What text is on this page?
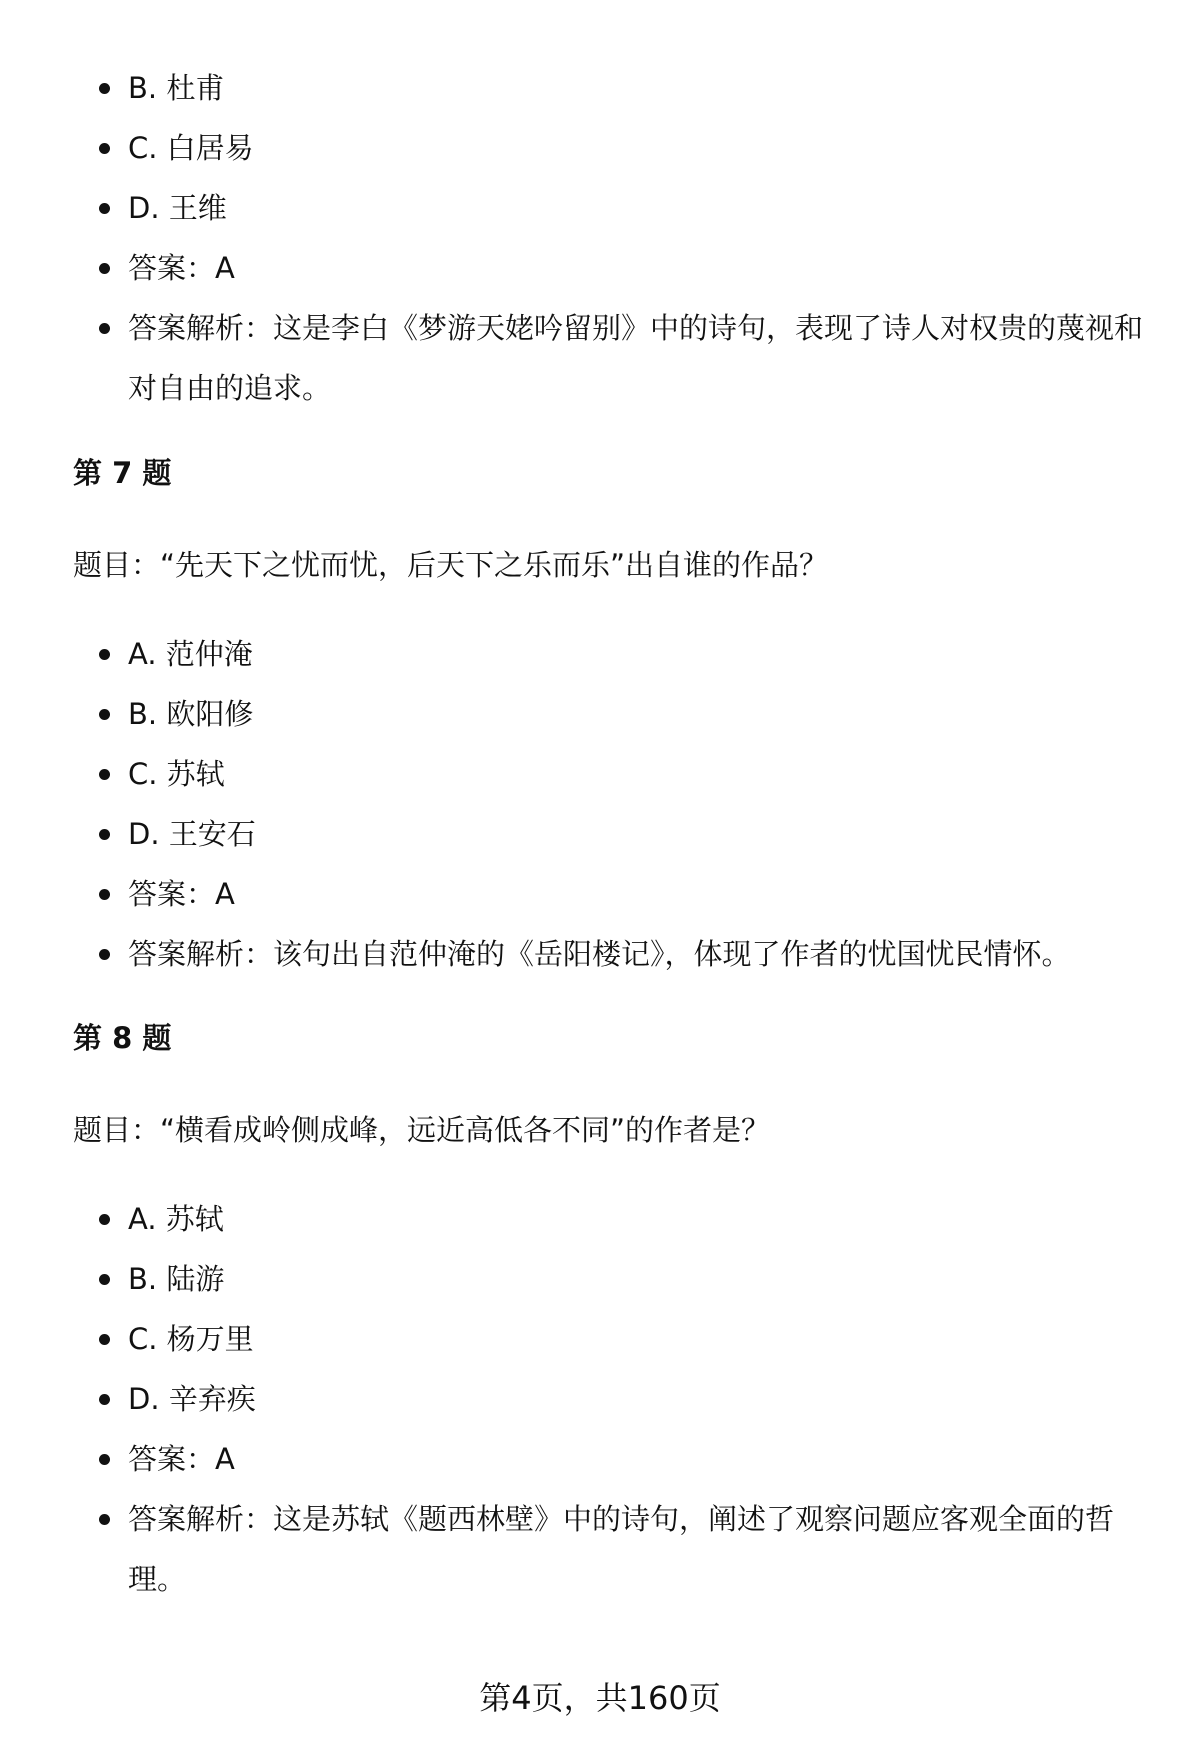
B. 杜甫
C. 白居易
D. 王维
答案：A
答案解析：这是李白《梦游天姥吟留别》中的诗句，表现了诗人对权贵的蔑视和对自由的追求。
第 7 题
题目：“先天下之忧而忧，后天下之乐而乐”出自谁的作品？
A. 范仲淹
B. 欧阳修
C. 苏轼
D. 王安石
答案：A
答案解析：该句出自范仲淹的《岳阳楼记》，体现了作者的忧国忧民情怀。
第 8 题
题目：“横看成岭侧成峰，远近高低各不同”的作者是？
A. 苏轼
B. 陆游
C. 杨万里
D. 辛弃疾
答案：A
答案解析：这是苏轼《题西林壁》中的诗句，阐述了观察问题应客观全面的哲理。
第4页，共160页
